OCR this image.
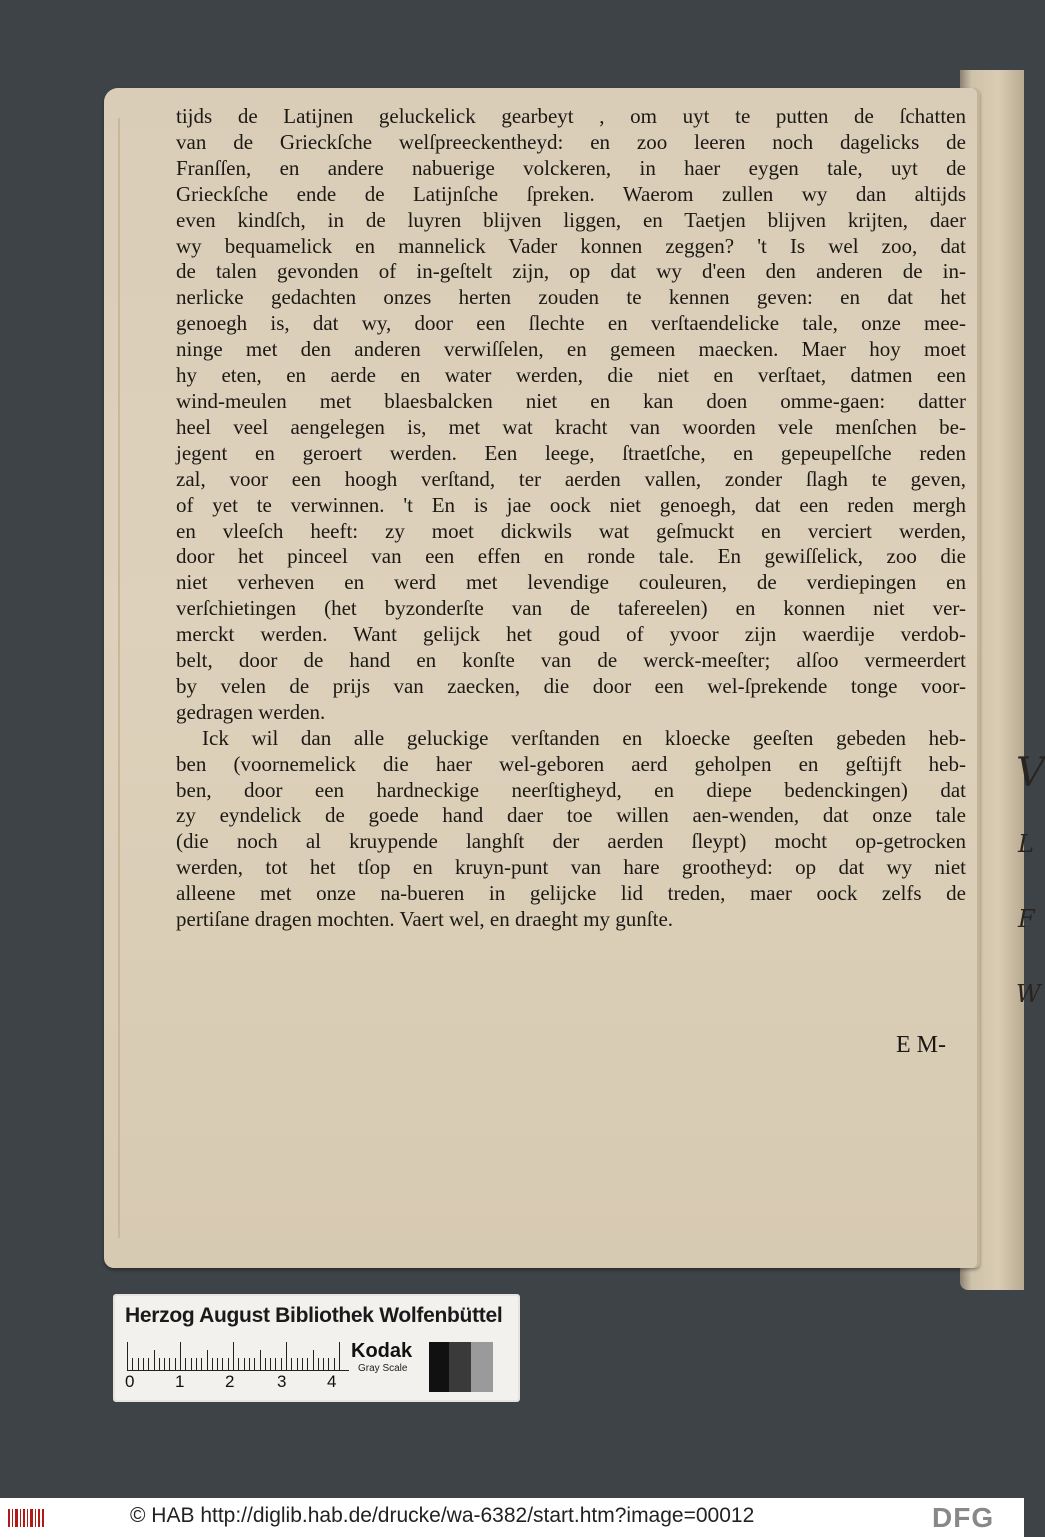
V
L
F
W
tijds de Latijnen geluckelick gearbeyt , om uyt te putten de ſchatten
van de Grieckſche welſpreeckentheyd: en zoo leeren noch dagelicks de
Franſſen, en andere nabuerige volckeren, in haer eygen tale, uyt de
Grieckſche ende de Latijnſche ſpreken. Waerom zullen wy dan altijds
even kindſch, in de luyren blijven liggen, en Taetjen blijven krijten, daer
wy bequamelick en mannelick Vader konnen zeggen? 't Is wel zoo, dat
de talen gevonden of in-geſtelt zijn, op dat wy d'een den anderen de in-
nerlicke gedachten onzes herten zouden te kennen geven: en dat het
genoegh is, dat wy, door een ſlechte en verſtaendelicke tale, onze mee-
ninge met den anderen verwiſſelen, en gemeen maecken. Maer hoy moet
hy eten, en aerde en water werden, die niet en verſtaet, datmen een
wind-meulen met blaesbalcken niet en kan doen omme-gaen: datter
heel veel aengelegen is, met wat kracht van woorden vele menſchen be-
jegent en geroert werden. Een leege, ſtraetſche, en gepeupelſche reden
zal, voor een hoogh verſtand, ter aerden vallen, zonder ſlagh te geven,
of yet te verwinnen. 't En is jae oock niet genoegh, dat een reden mergh
en vleeſch heeft: zy moet dickwils wat geſmuckt en verciert werden,
door het pinceel van een effen en ronde tale. En gewiſſelick, zoo die
niet verheven en werd met levendige couleuren, de verdiepingen en
verſchietingen (het byzonderſte van de tafereelen) en konnen niet ver-
merckt werden. Want gelijck het goud of yvoor zijn waerdije verdob-
belt, door de hand en konſte van de werck-meeſter; alſoo vermeerdert
by velen de prijs van zaecken, die door een wel-ſprekende tonge voor-
gedragen werden.
Ick wil dan alle geluckige verſtanden en kloecke geeſten gebeden heb-
ben (voornemelick die haer wel-geboren aerd geholpen en geſtijft heb-
ben, door een hardneckige neerſtigheyd, en diepe bedenckingen) dat
zy eyndelick de goede hand daer toe willen aen-wenden, dat onze tale
(die noch al kruypende langhſt der aerden ſleypt) mocht op-getrocken
werden, tot het tſop en kruyn-punt van hare grootheyd: op dat wy niet
alleene met onze na-bueren in gelijcke lid treden, maer oock zelfs de
pertiſane dragen mochten. Vaert wel, en draeght my gunſte.
E M-
Herzog August Bibliothek Wolfenbüttel
0 1 2	3 4
Kodak
Gray Scale
© HAB http://diglib.hab.de/drucke/wa-6382/start.htm?image=00012	DFG
